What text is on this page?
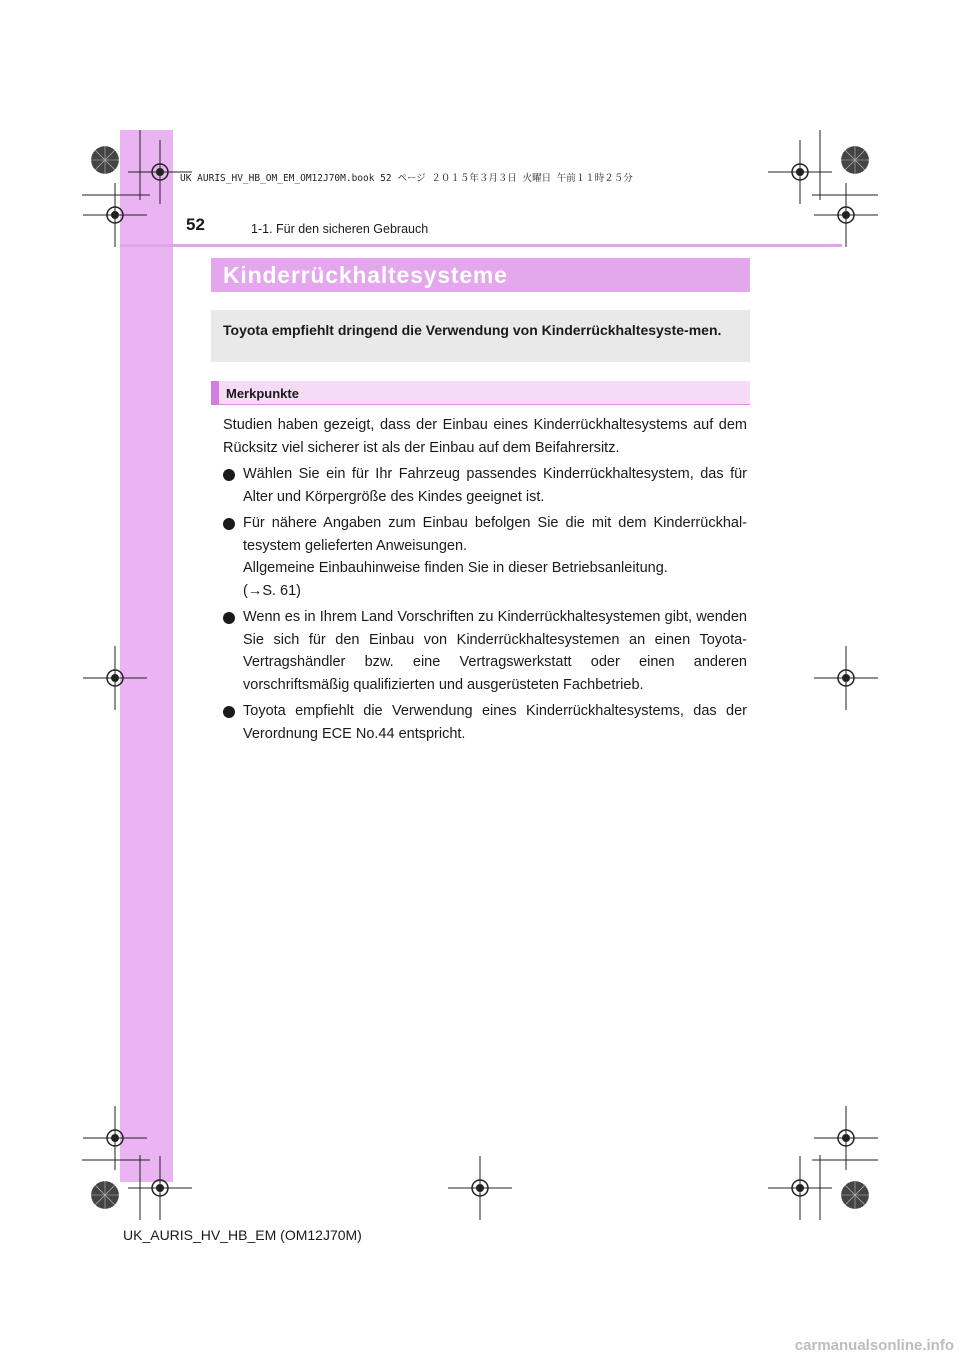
UK AURIS_HV_HB_OM_EM_OM12J70M.book 52 ページ ２０１５年３月３日 火曜日 午前１１時２５分
52	1-1. Für den sicheren Gebrauch
Kinderrückhaltesysteme
Toyota empfiehlt dringend die Verwendung von Kinderrückhaltesyste-men.
Merkpunkte
Studien haben gezeigt, dass der Einbau eines Kinderrückhaltesystems auf dem Rücksitz viel sicherer ist als der Einbau auf dem Beifahrersitz.
Wählen Sie ein für Ihr Fahrzeug passendes Kinderrückhaltesystem, das für Alter und Körpergröße des Kindes geeignet ist.
Für nähere Angaben zum Einbau befolgen Sie die mit dem Kinderrückhal-tesystem gelieferten Anweisungen.
Allgemeine Einbauhinweise finden Sie in dieser Betriebsanleitung.
(→S. 61)
Wenn es in Ihrem Land Vorschriften zu Kinderrückhaltesystemen gibt, wenden Sie sich für den Einbau von Kinderrückhaltesystemen an einen Toyota-Vertragshändler bzw. eine Vertragswerkstatt oder einen anderen vorschriftsmäßig qualifizierten und ausgerüsteten Fachbetrieb.
Toyota empfiehlt die Verwendung eines Kinderrückhaltesystems, das der Verordnung ECE No.44 entspricht.
UK_AURIS_HV_HB_EM (OM12J70M)
carmanualsonline.info
